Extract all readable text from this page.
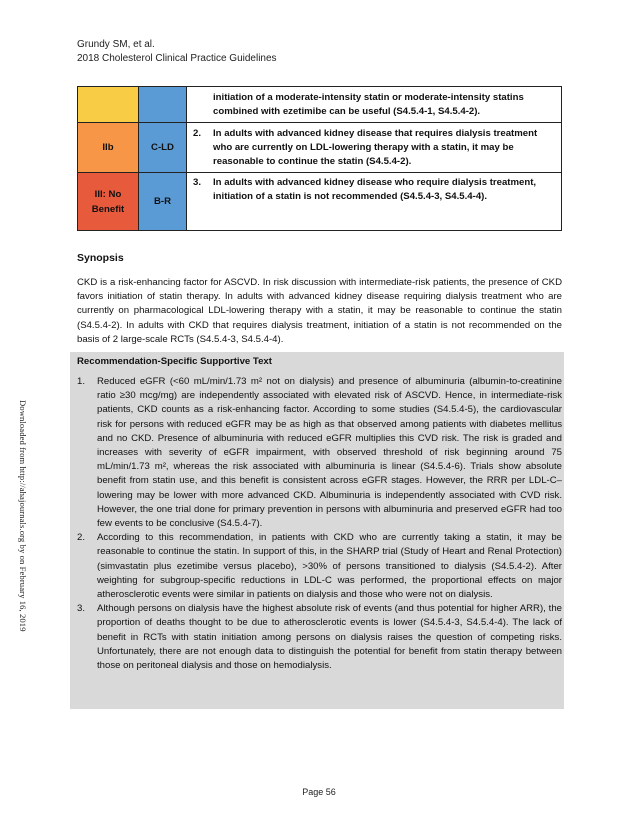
Grundy SM, et al.
2018 Cholesterol Clinical Practice Guidelines
Downloaded from http://ahajournals.org by on February 16, 2019

		initiation of a moderate-intensity statin or moderate-intensity statins combined with ezetimibe can be useful (S4.5.4-1, S4.5.4-2).

IIb	C-LD	2. In adults with advanced kidney disease that requires dialysis treatment who are currently on LDL-lowering therapy with a statin, it may be reasonable to continue the statin (S4.5.4-2).

III: No Benefit	B-R	3. In adults with advanced kidney disease who require dialysis treatment, initiation of a statin is not recommended (S4.5.4-3, S4.5.4-4).
Synopsis
CKD is a risk-enhancing factor for ASCVD. In risk discussion with intermediate-risk patients, the presence of CKD favors initiation of statin therapy. In adults with advanced kidney disease requiring dialysis treatment who are currently on pharmacological LDL-lowering therapy with a statin, it may be reasonable to continue the statin (S4.5.4-2). In adults with CKD that requires dialysis treatment, initiation of a statin is not recommended on the basis of 2 large-scale RCTs (S4.5.4-3, S4.5.4-4).
Recommendation-Specific Supportive Text
1.	Reduced eGFR (<60 mL/min/1.73 m² not on dialysis) and presence of albuminuria (albumin-to-creatinine ratio ≥30 mcg/mg) are independently associated with elevated risk of ASCVD. Hence, in intermediate-risk patients, CKD counts as a risk-enhancing factor. According to some studies (S4.5.4-5), the cardiovascular risk for persons with reduced eGFR may be as high as that observed among patients with diabetes mellitus and no CKD. Presence of albuminuria with reduced eGFR multiplies this CVD risk. The risk is graded and increases with severity of eGFR impairment, with observed threshold of risk beginning around 75 mL/min/1.73 m², whereas the risk associated with albuminuria is linear (S4.5.4-6). Trials show absolute benefit from statin use, and this benefit is consistent across eGFR stages. However, the RRR per LDL-C–lowering may be lower with more advanced CKD. Albuminuria is independently associated with CVD risk. However, the one trial done for primary prevention in persons with albuminuria and preserved eGFR had too few events to be conclusive (S4.5.4-7).
2.	According to this recommendation, in patients with CKD who are currently taking a statin, it may be reasonable to continue the statin. In support of this, in the SHARP trial (Study of Heart and Renal Protection) (simvastatin plus ezetimibe versus placebo), >30% of persons transitioned to dialysis (S4.5.4-2). After weighting for subgroup-specific reductions in LDL-C was performed, the proportional effects on major atherosclerotic events were similar in patients on dialysis and those who were not on dialysis.
3.	Although persons on dialysis have the highest absolute risk of events (and thus potential for higher ARR), the proportion of deaths thought to be due to atherosclerotic events is lower (S4.5.4-3, S4.5.4-4). The lack of benefit in RCTs with statin initiation among persons on dialysis raises the question of competing risks. Unfortunately, there are not enough data to distinguish the potential for benefit from statin therapy between those on peritoneal dialysis and those on hemodialysis.
Page 56
